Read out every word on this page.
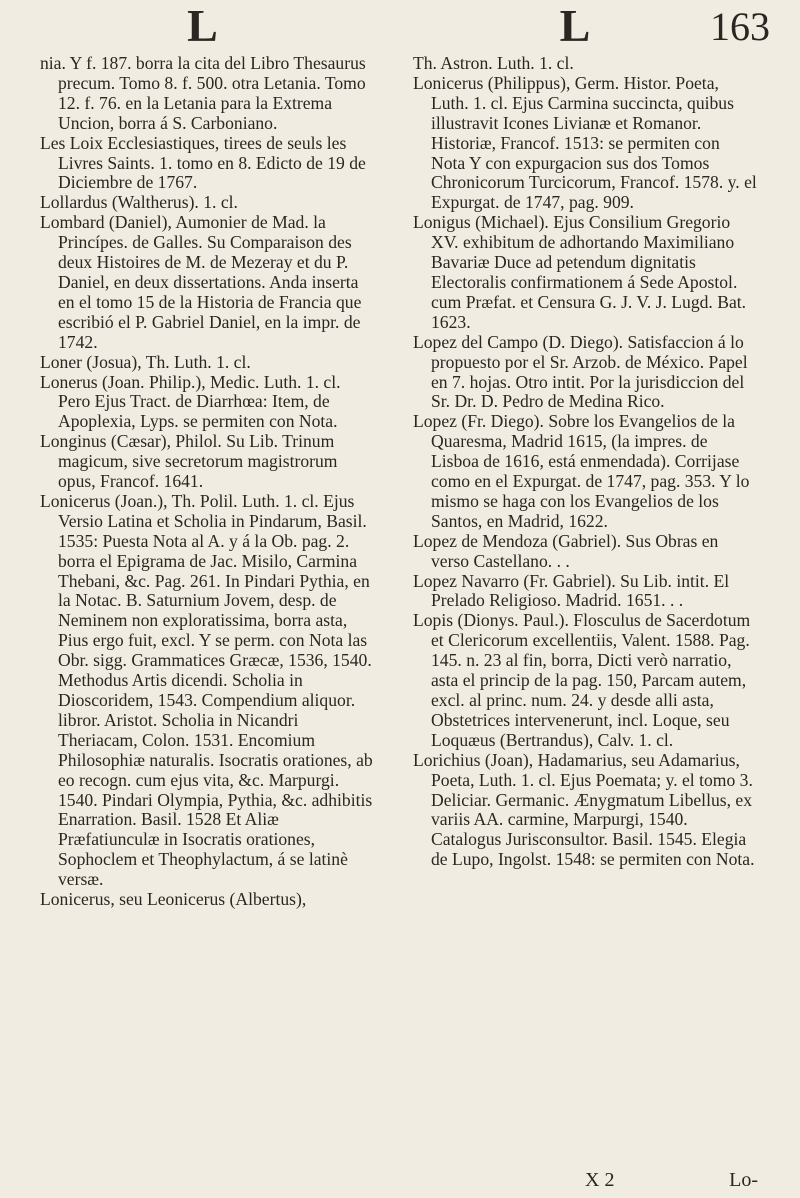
L	L	163

nia. Y f. 187. borra la cita del Libro Thesaurus precum. Tomo 8. f. 500. otra Letania. Tomo 12. f. 76. en la Letania para la Extrema Uncion, borra á S. Carboniano.

Les Loix Ecclesiastiques, tirees de seuls les Livres Saints. 1. tomo en 8. Edicto de 19 de Diciembre de 1767.

Lollardus (Waltherus). 1. cl.

Lombard (Daniel), Aumonier de Mad. la Princípes. de Galles. Su Comparaison des deux Histoires de M. de Mezeray et du P. Daniel, en deux dissertations. Anda inserta en el tomo 15 de la Historia de Francia que escribió el P. Gabriel Daniel, en la impr. de 1742.

Loner (Josua), Th. Luth. 1. cl.

Lonerus (Joan. Philip.), Medic. Luth. 1. cl. Pero Ejus Tract. de Diarrhœa: Item, de Apoplexia, Lyps. se permiten con Nota.

Longinus (Cæsar), Philol. Su Lib. Trinum magicum, sive secretorum magistrorum opus, Francof. 1641.

Lonicerus (Joan.), Th. Polil. Luth. 1. cl. Ejus Versio Latina et Scholia in Pindarum, Basil. 1535: Puesta Nota al A. y á la Ob. pag. 2. borra el Epigrama de Jac. Misilo, Carmina Thebani, &c. Pag. 261. In Pindari Pythia, en la Notac. B. Saturnium Jovem, desp. de Neminem non exploratissima, borra asta, Pius ergo fuit, excl. Y se perm. con Nota las Obr. sigg. Grammatices Græcæ, 1536, 1540. Methodus Artis dicendi. Scholia in Dioscoridem, 1543. Compendium aliquor. libror. Aristot. Scholia in Nicandri Theriacam, Colon. 1531. Encomium Philosophiæ naturalis. Isocratis orationes, ab eo recogn. cum ejus vita, &c. Marpurgi. 1540. Pindari Olympia, Pythia, &c. adhibitis Enarration. Basil. 1528 Et Aliæ Præfatiunculæ in Isocratis orationes, Sophoclem et Theophylactum, á se latinè versæ.

Lonicerus, seu Leonicerus (Albertus),

Th. Astron. Luth. 1. cl.

Lonicerus (Philippus), Germ. Histor. Poeta, Luth. 1. cl. Ejus Carmina succincta, quibus illustravit Icones Livianæ et Romanor. Historiæ, Francof. 1513: se permiten con Nota Y con expurgacion sus dos Tomos Chronicorum Turcicorum, Francof. 1578. y. el Expurgat. de 1747, pag. 909.

Lonigus (Michael). Ejus Consilium Gregorio XV. exhibitum de adhortando Maximiliano Bavariæ Duce ad petendum dignitatis Electoralis confirmationem á Sede Apostol. cum Præfat. et Censura G. J. V. J. Lugd. Bat. 1623.

Lopez del Campo (D. Diego). Satisfaccion á lo propuesto por el Sr. Arzob. de México. Papel en 7. hojas. Otro intit. Por la jurisdiccion del Sr. Dr. D. Pedro de Medina Rico.

Lopez (Fr. Diego). Sobre los Evangelios de la Quaresma, Madrid 1615, (la impres. de Lisboa de 1616, está enmendada). Corrijase como en el Expurgat. de 1747, pag. 353. Y lo mismo se haga con los Evangelios de los Santos, en Madrid, 1622.

Lopez de Mendoza (Gabriel). Sus Obras en verso Castellano. . .

Lopez Navarro (Fr. Gabriel). Su Lib. intit. El Prelado Religioso. Madrid. 1651. . .

Lopis (Dionys. Paul.). Flosculus de Sacerdotum et Clericorum excellentiis, Valent. 1588. Pag. 145. n. 23 al fin, borra, Dicti verò narratio, asta el princip de la pag. 150, Parcam autem, excl. al princ. num. 24. y desde alli asta, Obstetrices intervenerunt, incl. Loque, seu Loquæus (Bertrandus), Calv. 1. cl.

Lorichius (Joan), Hadamarius, seu Adamarius, Poeta, Luth. 1. cl. Ejus Poemata; y. el tomo 3. Deliciar. Germanic. Ænygmatum Libellus, ex variis AA. carmine, Marpurgi, 1540. Catalogus Jurisconsultor. Basil. 1545. Elegia de Lupo, Ingolst. 1548: se permiten con Nota.

X 2	Lo-
